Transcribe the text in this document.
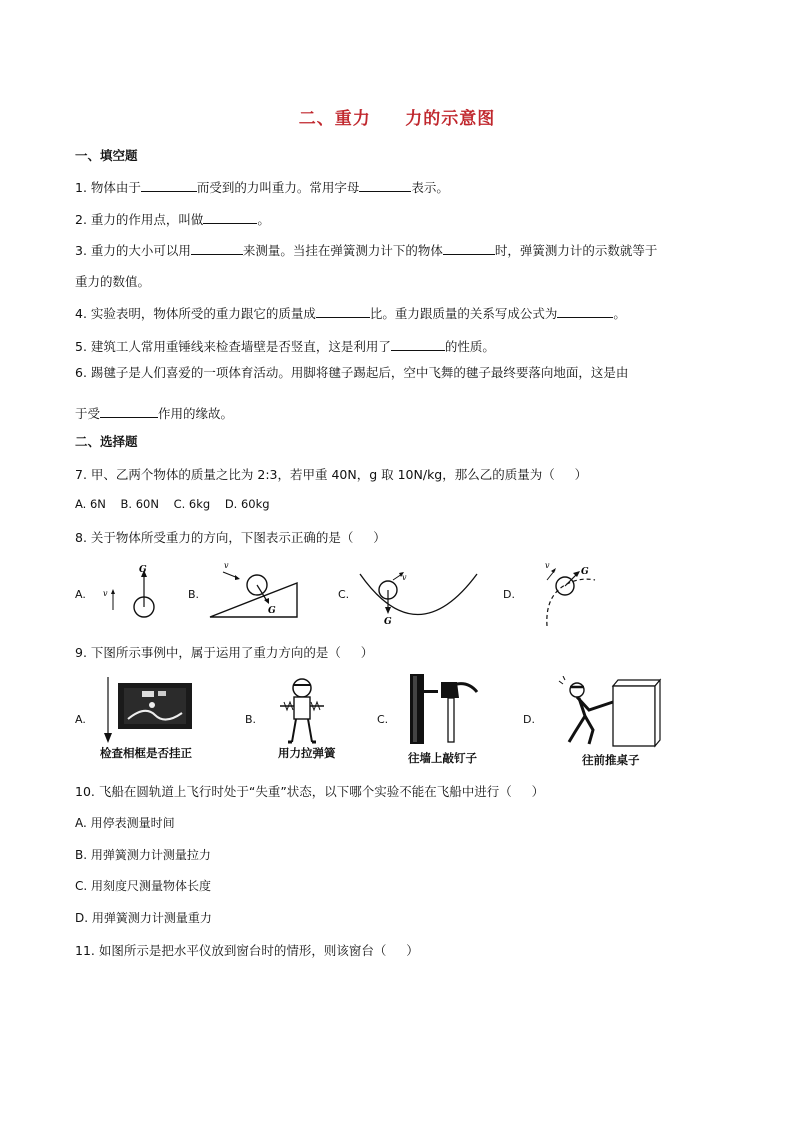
二、重力     力的示意图
一、填空题
1. 物体由于	而受到的力叫重力。常用字母	表示。
2. 重力的作用点，叫做	。
3. 重力的大小可以用	来测量。当挂在弹簧测力计下的物体	时，弹簧测力计的示数就等于
重力的数值。
4. 实验表明，物体所受的重力跟它的质量成	比。重力跟质量的关系写成公式为	。
5. 建筑工人常用重锤线来检查墙壁是否竖直，这是利用了	的性质。
6. 踢毽子是人们喜爱的一项体育活动。用脚将毽子踢起后，空中飞舞的毽子最终要落向地面，这是由
于受	作用的缘故。
二、选择题
7. 甲、乙两个物体的质量之比为 2:3，若甲重 40N，g 取 10N/kg，那么乙的质量为（     ）
A. 6N    B. 60N    C. 6kg    D. 60kg
8. 关于物体所受重力的方向，下图表示正确的是（     ）
A.
G
v	B.
G
v
C.
G
v
D.
G
v
9. 下图所示事例中，属于运用了重力方向的是（     ）
A.
检查相框是否挂正
B.
用力拉弹簧
C.
往墙上敲钉子
D.
往前推桌子
10. 飞船在圆轨道上飞行时处于“失重”状态，以下哪个实验不能在飞船中进行（     ）
A. 用停表测量时间
B. 用弹簧测力计测量拉力
C. 用刻度尺测量物体长度
D. 用弹簧测力计测量重力
11. 如图所示是把水平仪放到窗台时的情形，则该窗台（     ）
